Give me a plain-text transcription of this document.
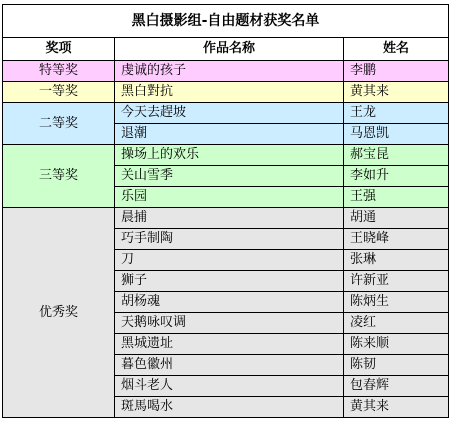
黑白摄影组-自由题材获奖名单		
奖项	作品名称	姓名
特等奖	虔诚的孩子	李鹏
一等奖	黑白對抗	黄其来
二等奖	今天去趕坡	王龙
	退潮	马恩凯
三等奖	操场上的欢乐	郝宝昆
	关山雪季	李如升
	乐园	王强
优秀奖	晨捕	胡通
	巧手制陶	王晓峰
	刀	张琳
	狮子	许新亚
	胡杨魂	陈炳生
	天鹅咏叹调	凌红
	黑城遗址	陈来顺
	暮色徽州	陈韧
	烟斗老人	包春辉
	斑馬喝水	黄其来
